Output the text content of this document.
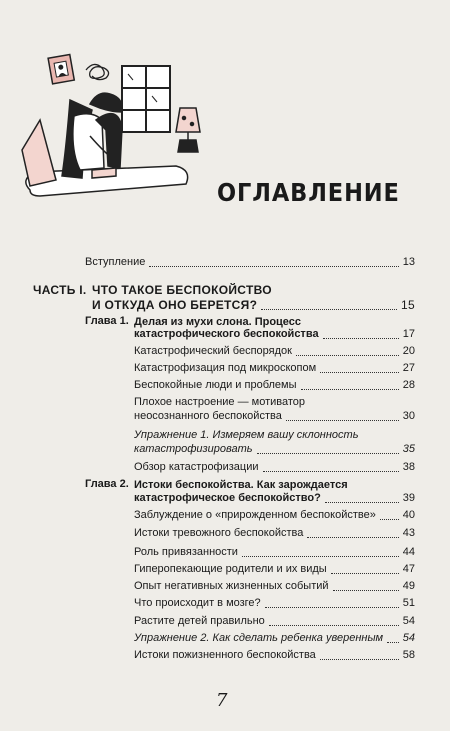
ОГЛАВЛЕНИЕ
Вступление	13
ЧАСТЬ I. ЧТО ТАКОЕ БЕСПОКОЙСТВО
И ОТКУДА ОНО БЕРЕТСЯ?	15
Глава 1. Делая из мухи слона. Процесс
катастрофического беспокойства	17
Катастрофический беспорядок	20
Катастрофизация под микроскопом	27
Беспокойные люди и проблемы	28
Плохое настроение — мотиватор
неосознанного беспокойства	30
Упражнение 1. Измеряем вашу склонность
катастрофизировать	35
Обзор катастрофизации	38
Глава 2. Истоки беспокойства. Как зарождается
катастрофическое беспокойство?	39
Заблуждение о «прирожденном беспокойстве» 40
Истоки тревожного беспокойства	43
Роль привязанности	44
Гиперопекающие родители и их виды	47
Опыт негативных жизненных событий	49
Что происходит в мозге?	51
Растите детей правильно	54
Упражнение 2. Как сделать ребенка уверенным 54
Истоки пожизненного беспокойства	58
7
